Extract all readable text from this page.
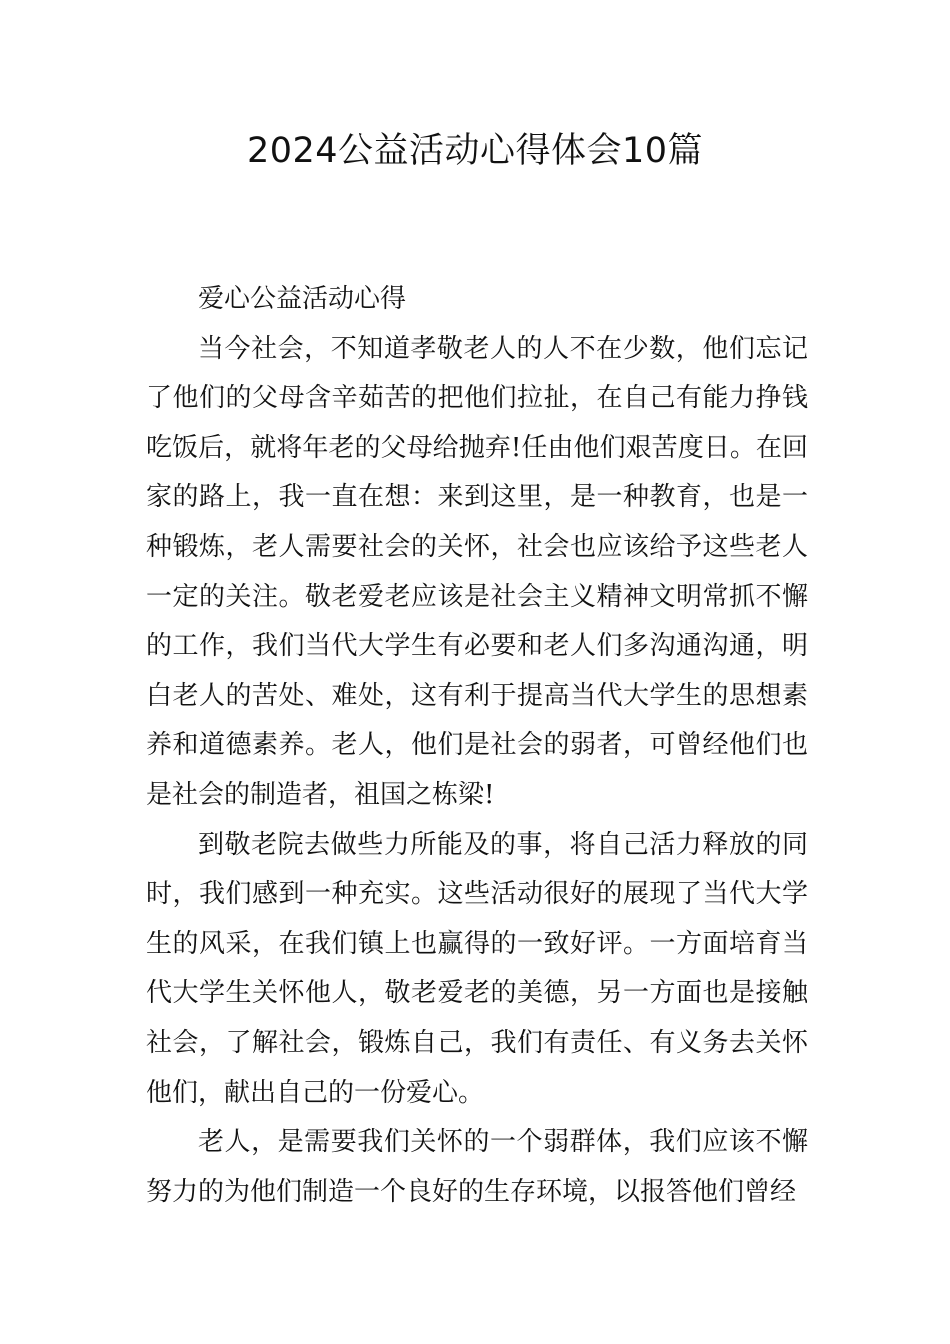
2024公益活动心得体会10篇

爱心公益活动心得

当今社会，不知道孝敬老人的人不在少数，他们忘记了他们的父母含辛茹苦的把他们拉扯，在自己有能力挣钱吃饭后，就将年老的父母给抛弃!任由他们艰苦度日。在回家的路上，我一直在想：来到这里，是一种教育，也是一种锻炼，老人需要社会的关怀，社会也应该给予这些老人一定的关注。敬老爱老应该是社会主义精神文明常抓不懈的工作，我们当代大学生有必要和老人们多沟通沟通，明白老人的苦处、难处，这有利于提高当代大学生的思想素养和道德素养。老人，他们是社会的弱者，可曾经他们也是社会的制造者，祖国之栋梁!

到敬老院去做些力所能及的事，将自己活力释放的同时，我们感到一种充实。这些活动很好的展现了当代大学生的风采，在我们镇上也赢得的一致好评。一方面培育当代大学生关怀他人，敬老爱老的美德，另一方面也是接触社会，了解社会，锻炼自己，我们有责任、有义务去关怀他们，献出自己的一份爱心。

老人，是需要我们关怀的一个弱群体，我们应该不懈努力的为他们制造一个良好的生存环境，以报答他们曾经
